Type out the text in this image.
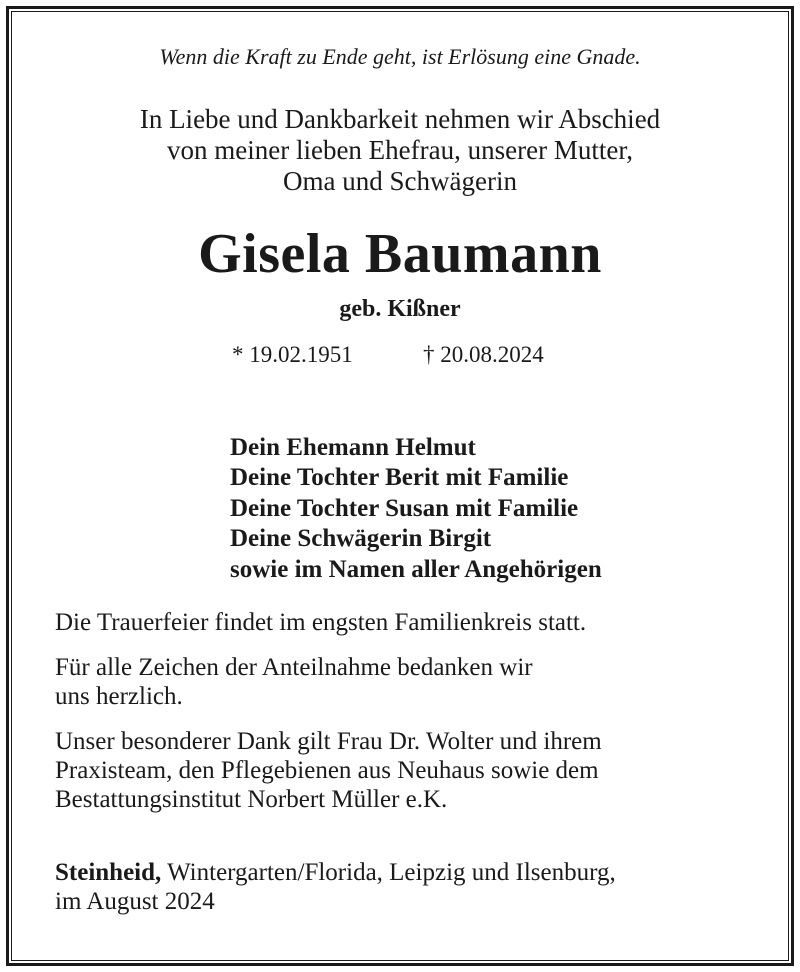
Wenn die Kraft zu Ende geht, ist Erlösung eine Gnade.
In Liebe und Dankbarkeit nehmen wir Abschied
von meiner lieben Ehefrau, unserer Mutter,
Oma und Schwägerin
Gisela Baumann
geb. Kißner
* 19.02.1951	† 20.08.2024
Dein Ehemann Helmut
Deine Tochter Berit mit Familie
Deine Tochter Susan mit Familie
Deine Schwägerin Birgit
sowie im Namen aller Angehörigen
Die Trauerfeier findet im engsten Familienkreis statt.
Für alle Zeichen der Anteilnahme bedanken wir
uns herzlich.
Unser besonderer Dank gilt Frau Dr. Wolter und ihrem
Praxisteam, den Pflegebienen aus Neuhaus sowie dem
Bestattungsinstitut Norbert Müller e.K.
Steinheid, Wintergarten/Florida, Leipzig und Ilsenburg,
im August 2024
